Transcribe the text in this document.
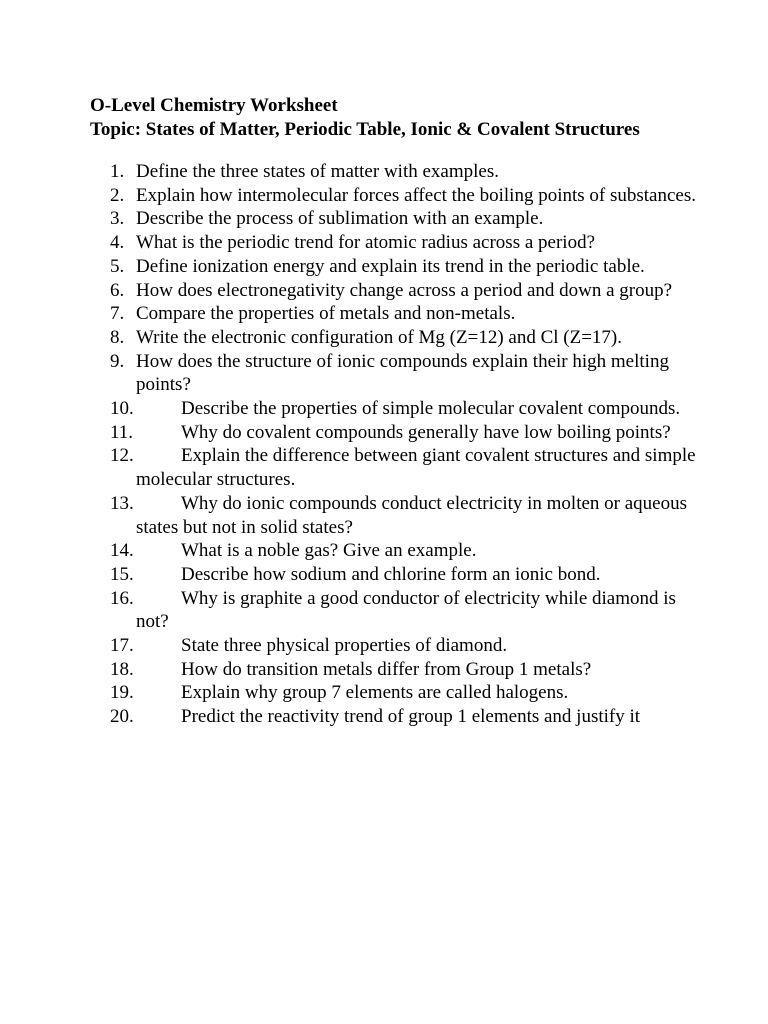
O-Level Chemistry Worksheet
Topic: States of Matter, Periodic Table, Ionic & Covalent Structures
1. Define the three states of matter with examples.
2. Explain how intermolecular forces affect the boiling points of substances.
3. Describe the process of sublimation with an example.
4. What is the periodic trend for atomic radius across a period?
5. Define ionization energy and explain its trend in the periodic table.
6. How does electronegativity change across a period and down a group?
7. Compare the properties of metals and non-metals.
8. Write the electronic configuration of Mg (Z=12) and Cl (Z=17).
9. How does the structure of ionic compounds explain their high melting points?
10. Describe the properties of simple molecular covalent compounds.
11.	Why do covalent compounds generally have low boiling points?
12. Explain the difference between giant covalent structures and simple molecular structures.
13. Why do ionic compounds conduct electricity in molten or aqueous states but not in solid states?
14. What is a noble gas? Give an example.
15. Describe how sodium and chlorine form an ionic bond.
16. Why is graphite a good conductor of electricity while diamond is not?
17. State three physical properties of diamond.
18. How do transition metals differ from Group 1 metals?
19. Explain why group 7 elements are called halogens.
20. Predict the reactivity trend of group 1 elements and justify it
